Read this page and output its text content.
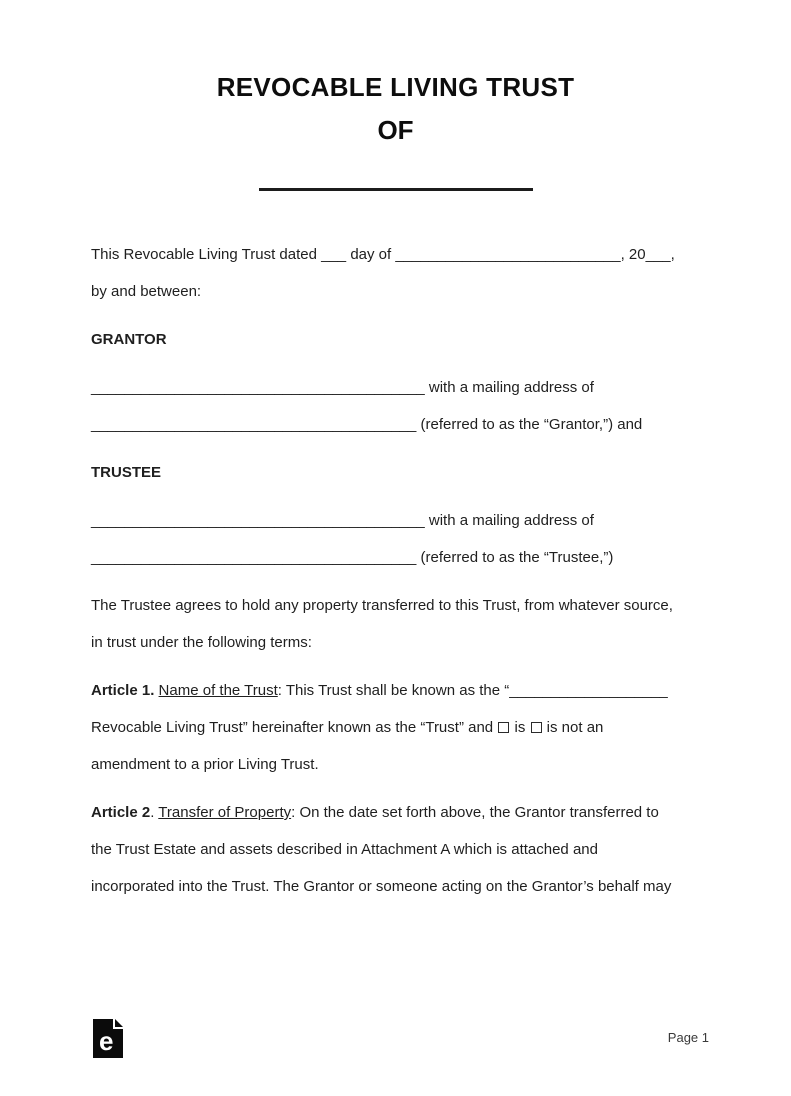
REVOCABLE LIVING TRUST
OF
This Revocable Living Trust dated ___ day of ___________________________, 20___,
by and between:
GRANTOR
________________________________________ with a mailing address of
_______________________________________ (referred to as the “Grantor,”) and
TRUSTEE
________________________________________ with a mailing address of
_______________________________________ (referred to as the “Trustee,”)
The Trustee agrees to hold any property transferred to this Trust, from whatever source,
in trust under the following terms:
Article 1. Name of the Trust: This Trust shall be known as the “___________________
Revocable Living Trust” hereinafter known as the “Trust” and is is not an
amendment to a prior Living Trust.
Article 2. Transfer of Property: On the date set forth above, the Grantor transferred to
the Trust Estate and assets described in Attachment A which is attached and
incorporated into the Trust. The Grantor or someone acting on the Grantor’s behalf may
e	Page 1
